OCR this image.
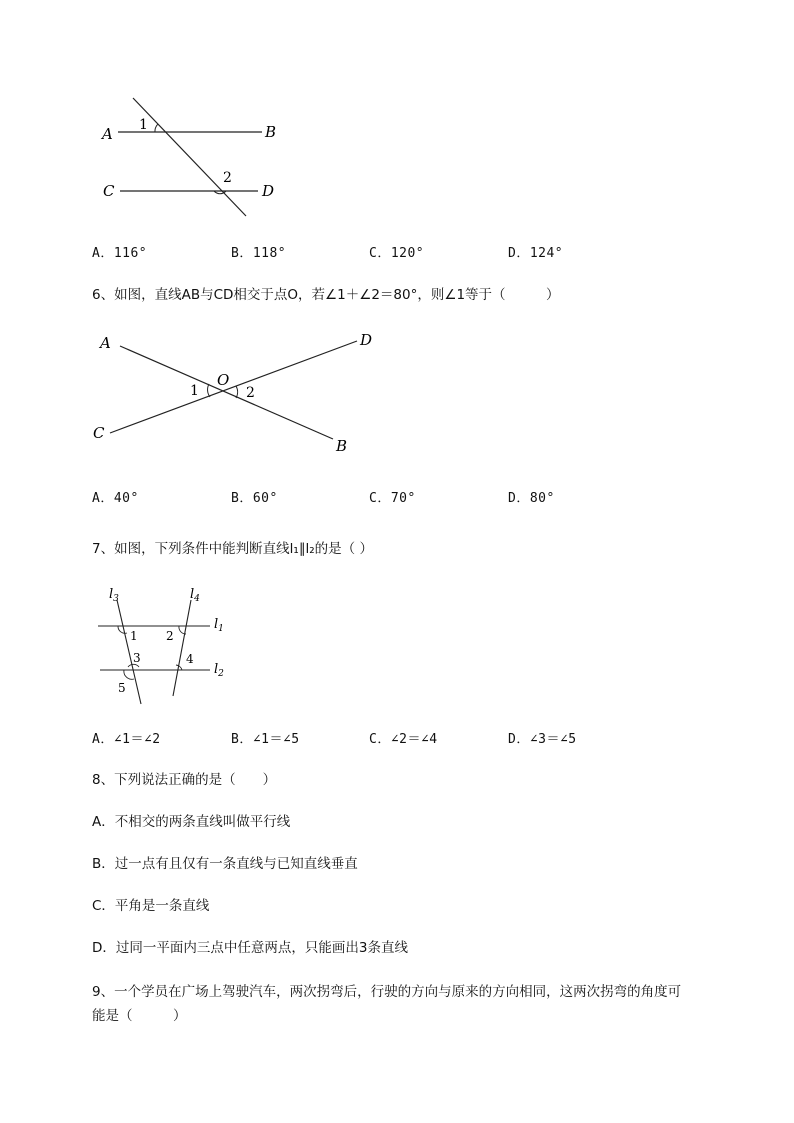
A	B
C	D
1
2
A．116°	B．118°	C．120°	D．124°
6、如图，直线AB与CD相交于点O，若∠1＋∠2＝80°，则∠1等于（　　　）
A	D
C
B
O
1	2
A．40°	B．60°	C．70°	D．80°
7、如图，下列条件中能判断直线l₁∥l₂的是（ ）
$l_3$	$l_4$
$l_1$
$l_2$
1 2
3	4
5
A．∠1＝∠2	B．∠1＝∠5	C．∠2＝∠4	D．∠3＝∠5
8、下列说法正确的是（　　）
A．不相交的两条直线叫做平行线
B．过一点有且仅有一条直线与已知直线垂直
C．平角是一条直线
D．过同一平面内三点中任意两点，只能画出3条直线
9、一个学员在广场上驾驶汽车，两次拐弯后，行驶的方向与原来的方向相同，这两次拐弯的角度可
能是（　　　）
